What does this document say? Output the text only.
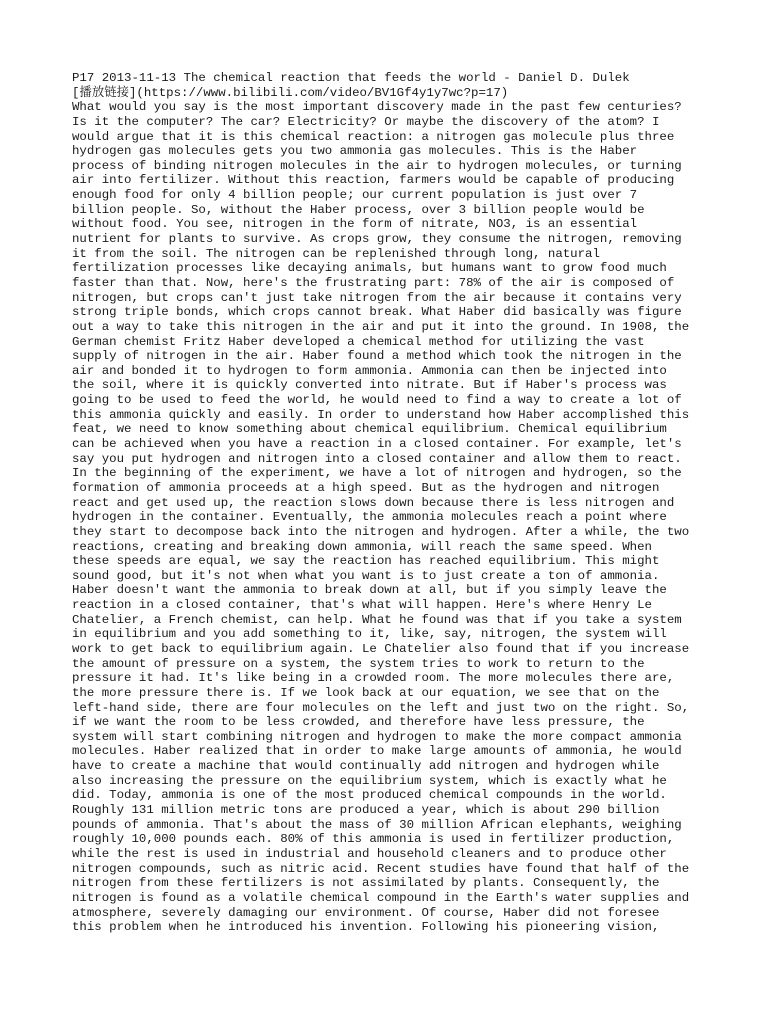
P17 2013-11-13 The chemical reaction that feeds the world - Daniel D. Dulek
[播放链接](https://www.bilibili.com/video/BV1Gf4y1y7wc?p=17)
What would you say is the most important discovery made in the past few centuries?
Is it the computer? The car? Electricity? Or maybe the discovery of the atom? I
would argue that it is this chemical reaction: a nitrogen gas molecule plus three
hydrogen gas molecules gets you two ammonia gas molecules. This is the Haber
process of binding nitrogen molecules in the air to hydrogen molecules, or turning
air into fertilizer. Without this reaction, farmers would be capable of producing
enough food for only 4 billion people; our current population is just over 7
billion people. So, without the Haber process, over 3 billion people would be
without food. You see, nitrogen in the form of nitrate, NO3, is an essential
nutrient for plants to survive. As crops grow, they consume the nitrogen, removing
it from the soil. The nitrogen can be replenished through long, natural
fertilization processes like decaying animals, but humans want to grow food much
faster than that. Now, here's the frustrating part: 78% of the air is composed of
nitrogen, but crops can't just take nitrogen from the air because it contains very
strong triple bonds, which crops cannot break. What Haber did basically was figure
out a way to take this nitrogen in the air and put it into the ground. In 1908, the
German chemist Fritz Haber developed a chemical method for utilizing the vast
supply of nitrogen in the air. Haber found a method which took the nitrogen in the
air and bonded it to hydrogen to form ammonia. Ammonia can then be injected into
the soil, where it is quickly converted into nitrate. But if Haber's process was
going to be used to feed the world, he would need to find a way to create a lot of
this ammonia quickly and easily. In order to understand how Haber accomplished this
feat, we need to know something about chemical equilibrium. Chemical equilibrium
can be achieved when you have a reaction in a closed container. For example, let's
say you put hydrogen and nitrogen into a closed container and allow them to react.
In the beginning of the experiment, we have a lot of nitrogen and hydrogen, so the
formation of ammonia proceeds at a high speed. But as the hydrogen and nitrogen
react and get used up, the reaction slows down because there is less nitrogen and
hydrogen in the container. Eventually, the ammonia molecules reach a point where
they start to decompose back into the nitrogen and hydrogen. After a while, the two
reactions, creating and breaking down ammonia, will reach the same speed. When
these speeds are equal, we say the reaction has reached equilibrium. This might
sound good, but it's not when what you want is to just create a ton of ammonia.
Haber doesn't want the ammonia to break down at all, but if you simply leave the
reaction in a closed container, that's what will happen. Here's where Henry Le
Chatelier, a French chemist, can help. What he found was that if you take a system
in equilibrium and you add something to it, like, say, nitrogen, the system will
work to get back to equilibrium again. Le Chatelier also found that if you increase
the amount of pressure on a system, the system tries to work to return to the
pressure it had. It's like being in a crowded room. The more molecules there are,
the more pressure there is. If we look back at our equation, we see that on the
left-hand side, there are four molecules on the left and just two on the right. So,
if we want the room to be less crowded, and therefore have less pressure, the
system will start combining nitrogen and hydrogen to make the more compact ammonia
molecules. Haber realized that in order to make large amounts of ammonia, he would
have to create a machine that would continually add nitrogen and hydrogen while
also increasing the pressure on the equilibrium system, which is exactly what he
did. Today, ammonia is one of the most produced chemical compounds in the world.
Roughly 131 million metric tons are produced a year, which is about 290 billion
pounds of ammonia. That's about the mass of 30 million African elephants, weighing
roughly 10,000 pounds each. 80% of this ammonia is used in fertilizer production,
while the rest is used in industrial and household cleaners and to produce other
nitrogen compounds, such as nitric acid. Recent studies have found that half of the
nitrogen from these fertilizers is not assimilated by plants. Consequently, the
nitrogen is found as a volatile chemical compound in the Earth's water supplies and
atmosphere, severely damaging our environment. Of course, Haber did not foresee
this problem when he introduced his invention. Following his pioneering vision,
